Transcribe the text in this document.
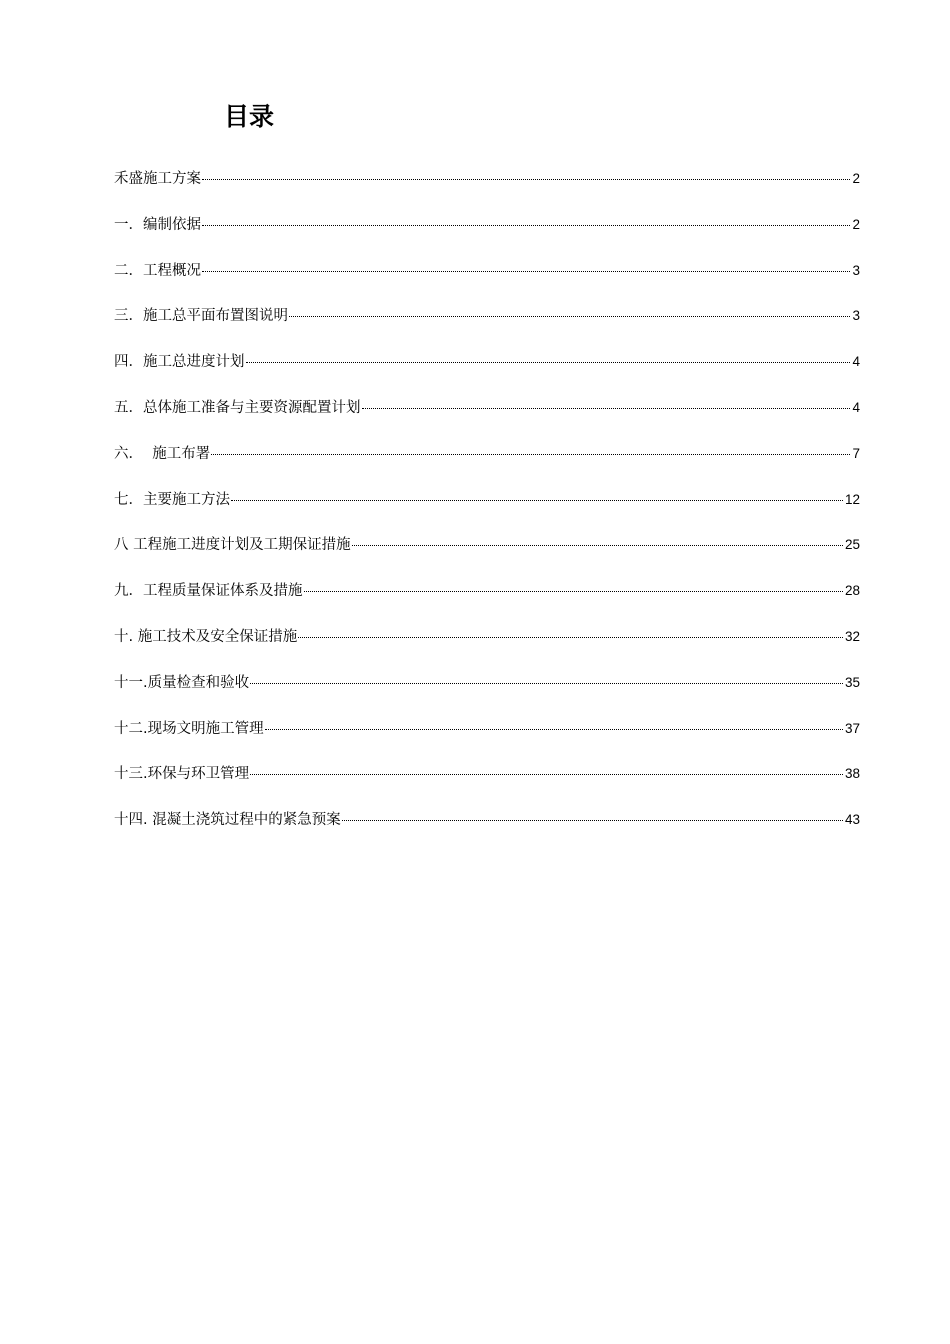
目录
禾盛施工方案	2
一．编制依据	2
二．工程概况	3
三．施工总平面布置图说明	3
四．施工总进度计划	4
五．总体施工准备与主要资源配置计划	4
六．  施工布署	7
七．主要施工方法	12
八 工程施工进度计划及工期保证措施	25
九．工程质量保证体系及措施	28
十. 施工技术及安全保证措施	32
十一.质量检查和验收	35
十二.现场文明施工管理	37
十三.环保与环卫管理	38
十四. 混凝土浇筑过程中的紧急预案	43
